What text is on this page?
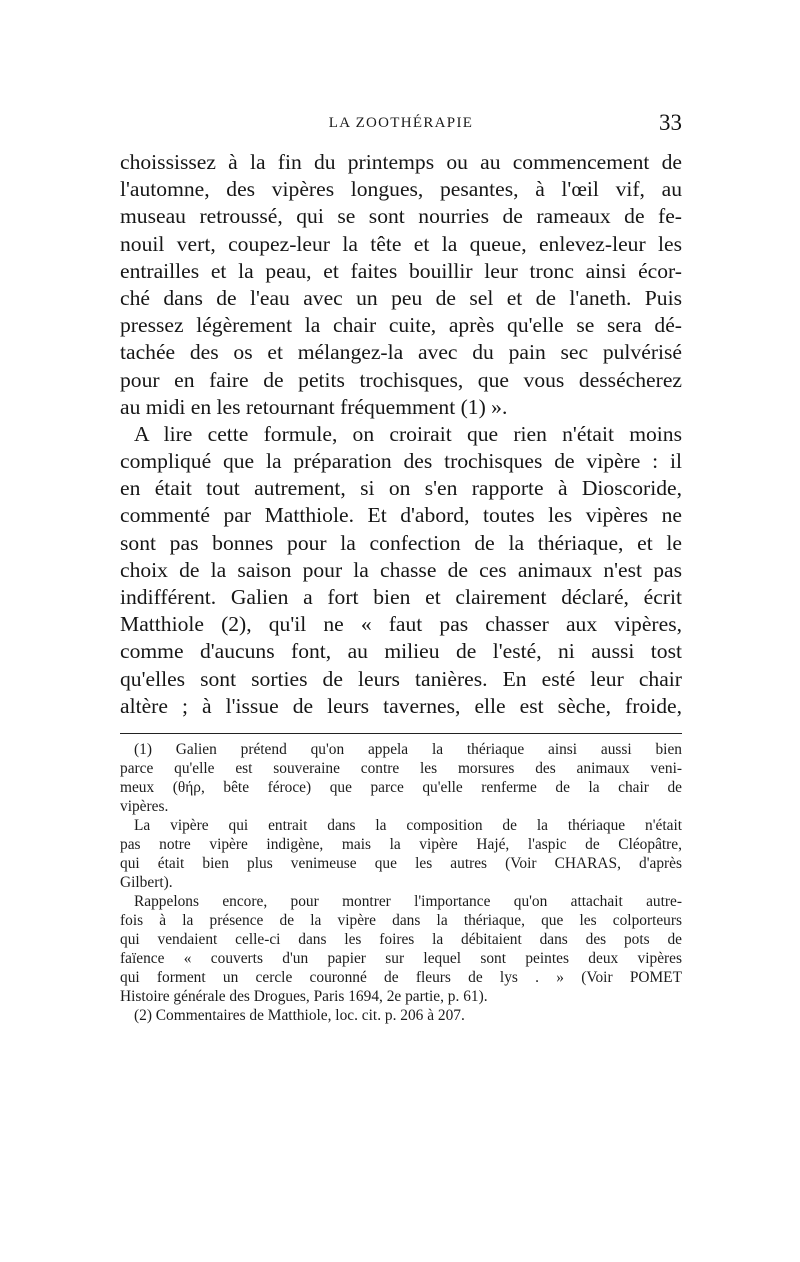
LA ZOOTHÉRAPIE	33
choississez à la fin du printemps ou au commencement de
l'automne, des vipères longues, pesantes, à l'œil vif, au
museau retroussé, qui se sont nourries de rameaux de fe-
nouil vert, coupez-leur la tête et la queue, enlevez-leur les
entrailles et la peau, et faites bouillir leur tronc ainsi écor-
ché dans de l'eau avec un peu de sel et de l'aneth. Puis
pressez légèrement la chair cuite, après qu'elle se sera dé-
tachée des os et mélangez-la avec du pain sec pulvérisé
pour en faire de petits trochisques, que vous dessécherez
au midi en les retournant fréquemment (1) ».
A lire cette formule, on croirait que rien n'était moins
compliqué que la préparation des trochisques de vipère : il
en était tout autrement, si on s'en rapporte à Dioscoride,
commenté par Matthiole. Et d'abord, toutes les vipères ne
sont pas bonnes pour la confection de la thériaque, et le
choix de la saison pour la chasse de ces animaux n'est pas
indifférent. Galien a fort bien et clairement déclaré, écrit
Matthiole (2), qu'il ne « faut pas chasser aux vipères,
comme d'aucuns font, au milieu de l'esté, ni aussi tost
qu'elles sont sorties de leurs tanières. En esté leur chair
altère ; à l'issue de leurs tavernes, elle est sèche, froide,
(1) Galien prétend qu'on appela la thériaque ainsi aussi bien
parce qu'elle est souveraine contre les morsures des animaux veni-
meux (θήρ, bête féroce) que parce qu'elle renferme de la chair de
vipères.
La vipère qui entrait dans la composition de la thériaque n'était
pas notre vipère indigène, mais la vipère Hajé, l'aspic de Cléopâtre,
qui était bien plus venimeuse que les autres (Voir CHARAS, d'après
Gilbert).
Rappelons encore, pour montrer l'importance qu'on attachait autre-
fois à la présence de la vipère dans la thériaque, que les colporteurs
qui vendaient celle-ci dans les foires la débitaient dans des pots de
faïence « couverts d'un papier sur lequel sont peintes deux vipères
qui forment un cercle couronné de fleurs de lys . » (Voir POMET
Histoire générale des Drogues, Paris 1694, 2e partie, p. 61).
(2) Commentaires de Matthiole, loc. cit. p. 206 à 207.
